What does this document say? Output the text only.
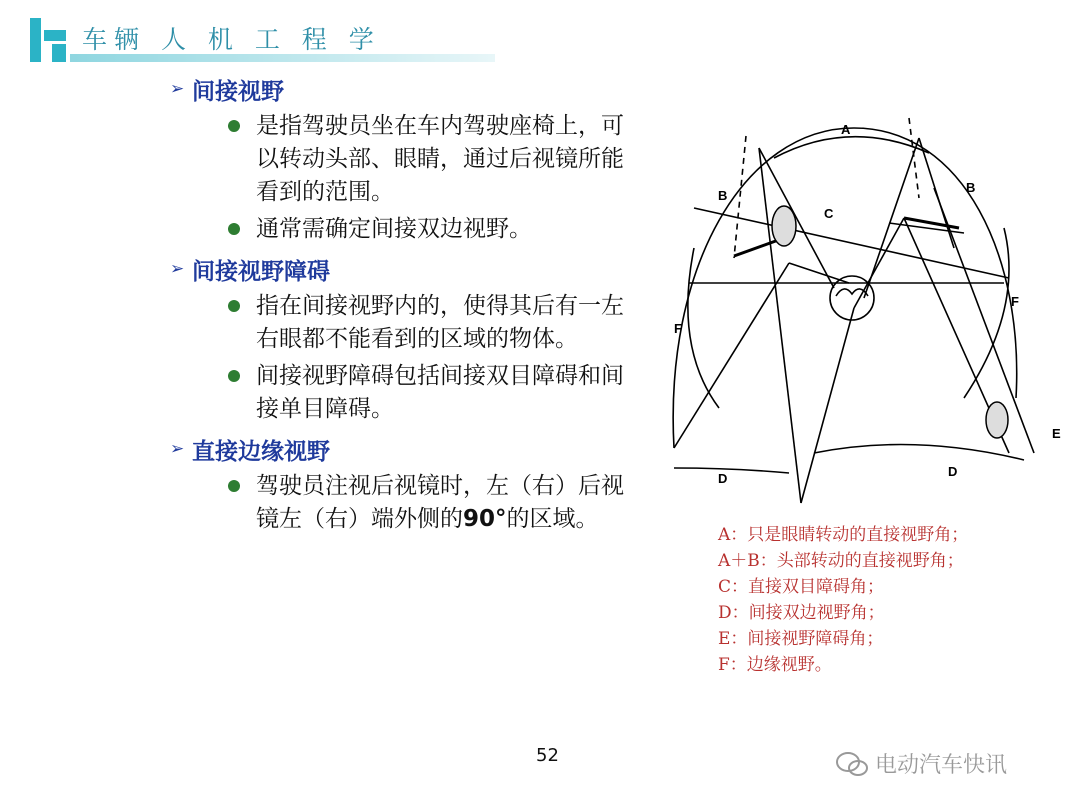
车辆 人 机 工 程 学
➢ 间接视野
是指驾驶员坐在车内驾驶座椅上，可以转动头部、眼睛，通过后视镜所能看到的范围。
通常需确定间接双边视野。
➢ 间接视野障碍
指在间接视野内的，使得其后有一左右眼都不能看到的区域的物体。
间接视野障碍包括间接双目障碍和间接单目障碍。
➢ 直接边缘视野
驾驶员注视后视镜时，左（右）后视镜左（右）端外侧的90°的区域。
A
B
B
C
D	D
E
F
F
A：只是眼睛转动的直接视野角；
A＋B：头部转动的直接视野角；
C：直接双目障碍角；
D：间接双边视野角；
E：间接视野障碍角；
F：边缘视野。
52	电动汽车快讯
